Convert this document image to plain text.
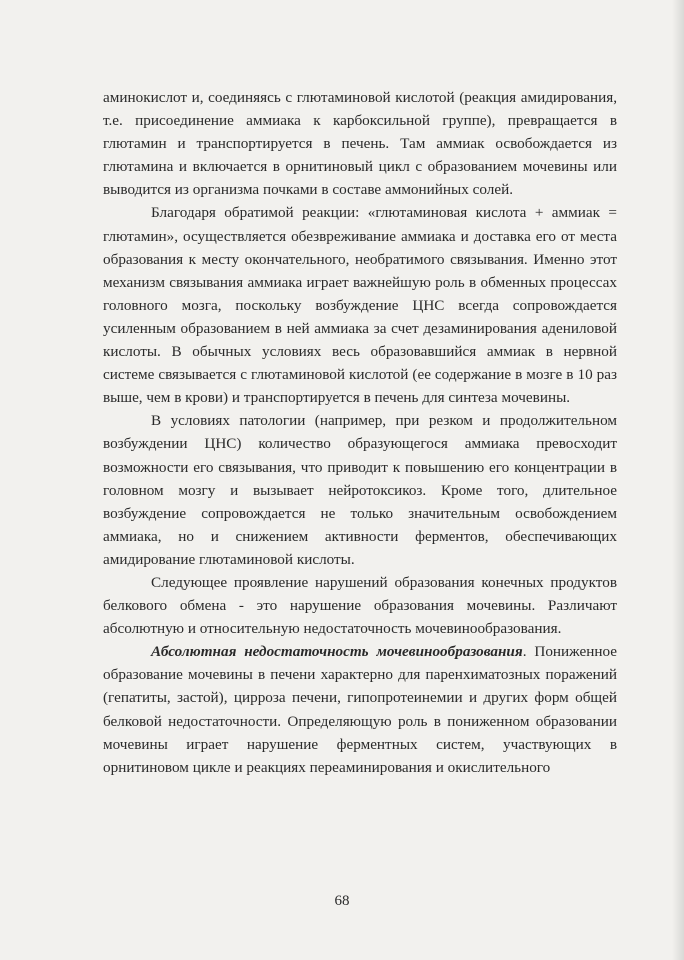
аминокислот и, соединяясь с глютаминовой кислотой (реакция амидирования, т.е. присоединение аммиака к карбоксильной группе), превращается в глютамин и транспортируется в печень. Там аммиак освобождается из глютамина и включается в орнитиновый цикл с образованием мочевины или выводится из организма почками в составе аммонийных солей.

Благодаря обратимой реакции: «глютаминовая кислота + аммиак = глютамин», осуществляется обезвреживание аммиака и доставка его от места образования к месту окончательного, необратимого связывания. Именно этот механизм связывания аммиака играет важнейшую роль в обменных процессах головного мозга, поскольку возбуждение ЦНС всегда сопровождается усиленным образованием в ней аммиака за счет дезаминирования адениловой кислоты. В обычных условиях весь образовавшийся аммиак в нервной системе связывается с глютаминовой кислотой (ее содержание в мозге в 10 раз выше, чем в крови) и транспортируется в печень для синтеза мочевины.

В условиях патологии (например, при резком и продолжительном возбуждении ЦНС) количество образующегося аммиака превосходит возможности его связывания, что приводит к повышению его концентрации в головном мозгу и вызывает нейротоксикоз. Кроме того, длительное возбуждение сопровождается не только значительным освобождением аммиака, но и снижением активности ферментов, обеспечивающих амидирование глютаминовой кислоты.

Следующее проявление нарушений образования конечных продуктов белкового обмена - это нарушение образования мочевины. Различают абсолютную и относительную недостаточность мочевинообразования.

Абсолютная недостаточность мочевинообразования. Пониженное образование мочевины в печени характерно для паренхиматозных поражений (гепатиты, застой), цирроза печени, гипопротеинемии и других форм общей белковой недостаточности. Определяющую роль в пониженном образовании мочевины играет нарушение ферментных систем, участвующих в орнитиновом цикле и реакциях переаминирования и окислительного

68
